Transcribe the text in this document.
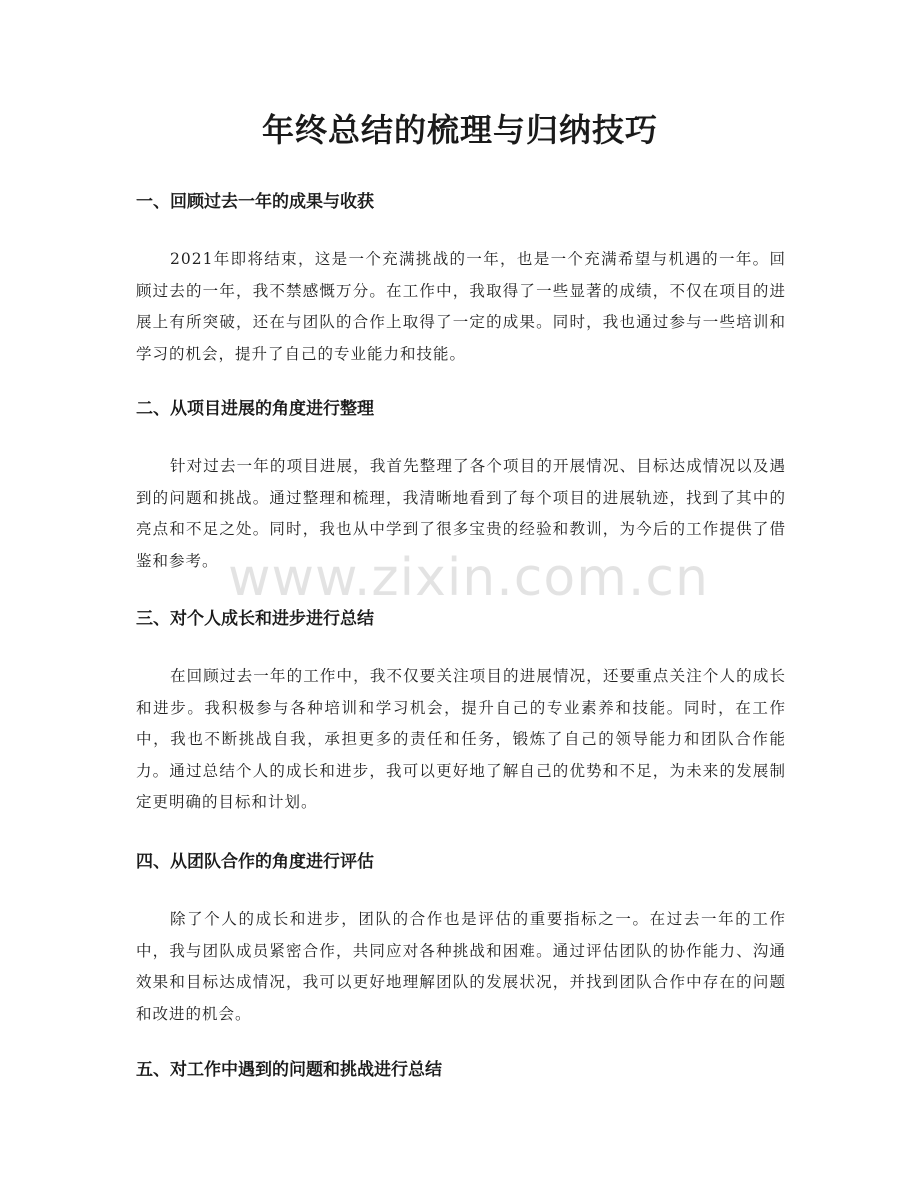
年终总结的梳理与归纳技巧
一、回顾过去一年的成果与收获

2021年即将结束，这是一个充满挑战的一年，也是一个充满希望与机遇的一年。回顾过去的一年，我不禁感慨万分。在工作中，我取得了一些显著的成绩，不仅在项目的进展上有所突破，还在与团队的合作上取得了一定的成果。同时，我也通过参与一些培训和学习的机会，提升了自己的专业能力和技能。

二、从项目进展的角度进行整理

针对过去一年的项目进展，我首先整理了各个项目的开展情况、目标达成情况以及遇到的问题和挑战。通过整理和梳理，我清晰地看到了每个项目的进展轨迹，找到了其中的亮点和不足之处。同时，我也从中学到了很多宝贵的经验和教训，为今后的工作提供了借鉴和参考。

三、对个人成长和进步进行总结

在回顾过去一年的工作中，我不仅要关注项目的进展情况，还要重点关注个人的成长和进步。我积极参与各种培训和学习机会，提升自己的专业素养和技能。同时，在工作中，我也不断挑战自我，承担更多的责任和任务，锻炼了自己的领导能力和团队合作能力。通过总结个人的成长和进步，我可以更好地了解自己的优势和不足，为未来的发展制定更明确的目标和计划。

四、从团队合作的角度进行评估

除了个人的成长和进步，团队的合作也是评估的重要指标之一。在过去一年的工作中，我与团队成员紧密合作，共同应对各种挑战和困难。通过评估团队的协作能力、沟通效果和目标达成情况，我可以更好地理解团队的发展状况，并找到团队合作中存在的问题和改进的机会。

五、对工作中遇到的问题和挑战进行总结
www.zixin.com.cn
